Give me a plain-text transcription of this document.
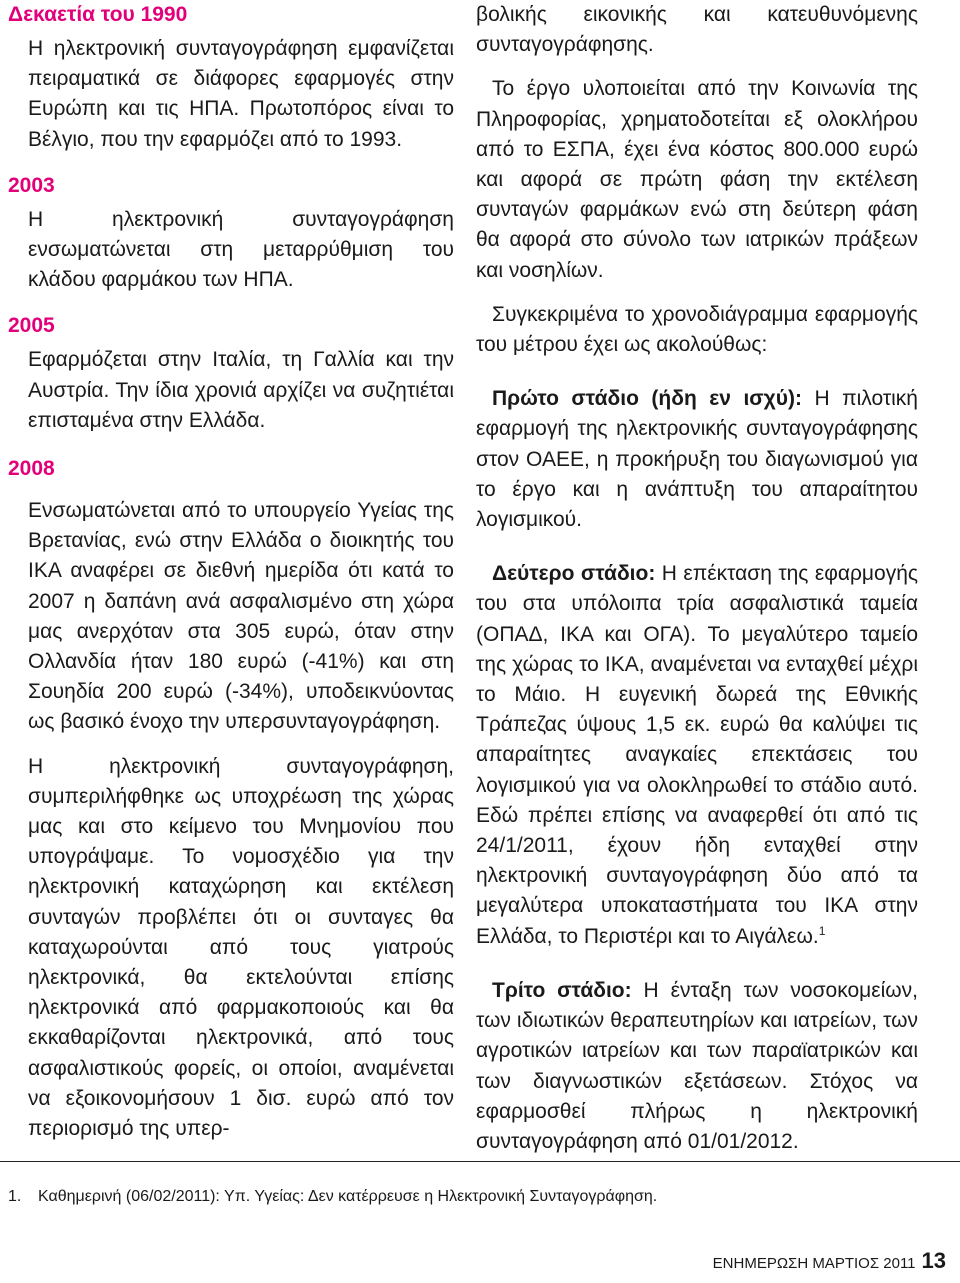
Δεκαετία του 1990

Η ηλεκτρονική συνταγογράφηση εμφανίζεται πειραματικά σε διάφορες εφαρμογές στην Ευρώπη και τις ΗΠΑ. Πρωτοπόρος είναι το Βέλγιο, που την εφαρμόζει από το 1993.

2003

Η ηλεκτρονική συνταγογράφηση ενσωματώνεται στη μεταρρύθμιση του κλάδου φαρμάκου των ΗΠΑ.

2005

Εφαρμόζεται στην Ιταλία, τη Γαλλία και την Αυστρία. Την ίδια χρονιά αρχίζει να συζητιέται επισταμένα στην Ελλάδα.

2008

Ενσωματώνεται από το υπουργείο Υγείας της Βρετανίας, ενώ στην Ελλάδα ο διοικητής του ΙΚΑ αναφέρει σε διεθνή ημερίδα ότι κατά το 2007 η δαπάνη ανά ασφαλισμένο στη χώρα μας ανερχόταν στα 305 ευρώ, όταν στην Ολλανδία ήταν 180 ευρώ (-41%) και στη Σουηδία 200 ευρώ (-34%), υποδεικνύοντας ως βασικό ένοχο την υπερσυνταγογράφηση.

Η ηλεκτρονική συνταγογράφηση, συμπεριλήφθηκε ως υποχρέωση της χώρας μας και στο κείμενο του Μνημονίου που υπογράψαμε. Το νομοσχέδιο για την ηλεκτρονική καταχώρηση και εκτέλεση συνταγών προβλέπει ότι οι συνταγες θα καταχωρούνται από τους γιατρούς ηλεκτρονικά, θα εκτελούνται επίσης ηλεκτρονικά από φαρμακοποιούς και θα εκκαθαρίζονται ηλεκτρονικά, από τους ασφαλιστικούς φορείς, οι οποίοι, αναμένεται να εξοικονομήσουν 1 δισ. ευρώ από τον περιορισμό της υπερ-

βολικής εικονικής και κατευθυνόμενης συνταγογράφησης.

Το έργο υλοποιείται από την Κοινωνία της Πληροφορίας, χρηματοδοτείται εξ ολοκλήρου από το ΕΣΠΑ, έχει ένα κόστος 800.000 ευρώ και αφορά σε πρώτη φάση την εκτέλεση συνταγών φαρμάκων ενώ στη δεύτερη φάση θα αφορά στο σύνολο των ιατρικών πράξεων και νοσηλίων.

Συγκεκριμένα το χρονοδιάγραμμα εφαρμογής του μέτρου έχει ως ακολούθως:

Πρώτο στάδιο (ήδη εν ισχύ): Η πιλοτική εφαρμογή της ηλεκτρονικής συνταγογράφησης στον ΟΑΕΕ, η προκήρυξη του διαγωνισμού για το έργο και η ανάπτυξη του απαραίτητου λογισμικού.

Δεύτερο στάδιο: Η επέκταση της εφαρμογής του στα υπόλοιπα τρία ασφαλιστικά ταμεία (ΟΠΑΔ, ΙΚΑ και ΟΓΑ). Το μεγαλύτερο ταμείο της χώρας το ΙΚΑ, αναμένεται να ενταχθεί μέχρι το Μάιο. Η ευγενική δωρεά της Εθνικής Τράπεζας ύψους 1,5 εκ. ευρώ θα καλύψει τις απαραίτητες αναγκαίες επεκτάσεις του λογισμικού για να ολοκληρωθεί το στάδιο αυτό. Εδώ πρέπει επίσης να αναφερθεί ότι από τις 24/1/2011, έχουν ήδη ενταχθεί στην ηλεκτρονική συνταγογράφηση δύο από τα μεγαλύτερα υποκαταστήματα του ΙΚΑ στην Ελλάδα, το Περιστέρι και το Αιγάλεω.$^1$

Τρίτο στάδιο: Η ένταξη των νοσοκομείων, των ιδιωτικών θεραπευτηρίων και ιατρείων, των αγροτικών ιατρείων και των παραϊατρικών και των διαγνωστικών εξετάσεων. Στόχος να εφαρμοσθεί πλήρως η ηλεκτρονική συνταγογράφηση από 01/01/2012.

1. Καθημερινή (06/02/2011): Υπ. Υγείας: Δεν κατέρρευσε η Ηλεκτρονική Συνταγογράφηση.
ΕΝΗΜΕΡΩΣΗ ΜΑΡΤΙΟΣ 2011 13
